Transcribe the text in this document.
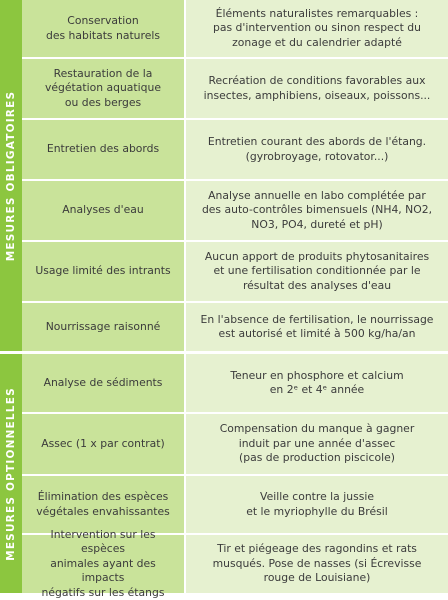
MESURES OBLIGATOIRES
Conservation
des habitats naturels
Éléments naturalistes remarquables :
pas d'intervention ou sinon respect du
zonage et du calendrier adapté
Restauration de la
végétation aquatique
ou des berges
Recréation de conditions favorables aux
insectes, amphibiens, oiseaux, poissons...
Entretien des abords
Entretien courant des abords de l'étang.
(gyrobroyage, rotovator...)
Analyses d'eau
Analyse annuelle en labo complétée par
des auto-contrôles bimensuels (NH4, NO2,
NO3, PO4, dureté et pH)
Usage limité des intrants
Aucun apport de produits phytosanitaires
et une fertilisation conditionnée par le
résultat des analyses d'eau
Nourrissage raisonné
En l'absence de fertilisation, le nourrissage
est autorisé et limité à 500 kg/ha/an
MESURES OPTIONNELLES
Analyse de sédiments
Teneur en phosphore et calcium
en 2ᵉ et 4ᵉ année
Assec (1 x par contrat)
Compensation du manque à gagner
induit par une année d'assec
(pas de production piscicole)
Élimination des espèces
végétales envahissantes
Veille contre la jussie
et le myriophylle du Brésil
Intervention sur les espèces
animales ayant des impacts
négatifs sur les étangs
Tir et piégeage des ragondins et rats
musqués. Pose de nasses (si Écrevisse
rouge de Louisiane)
